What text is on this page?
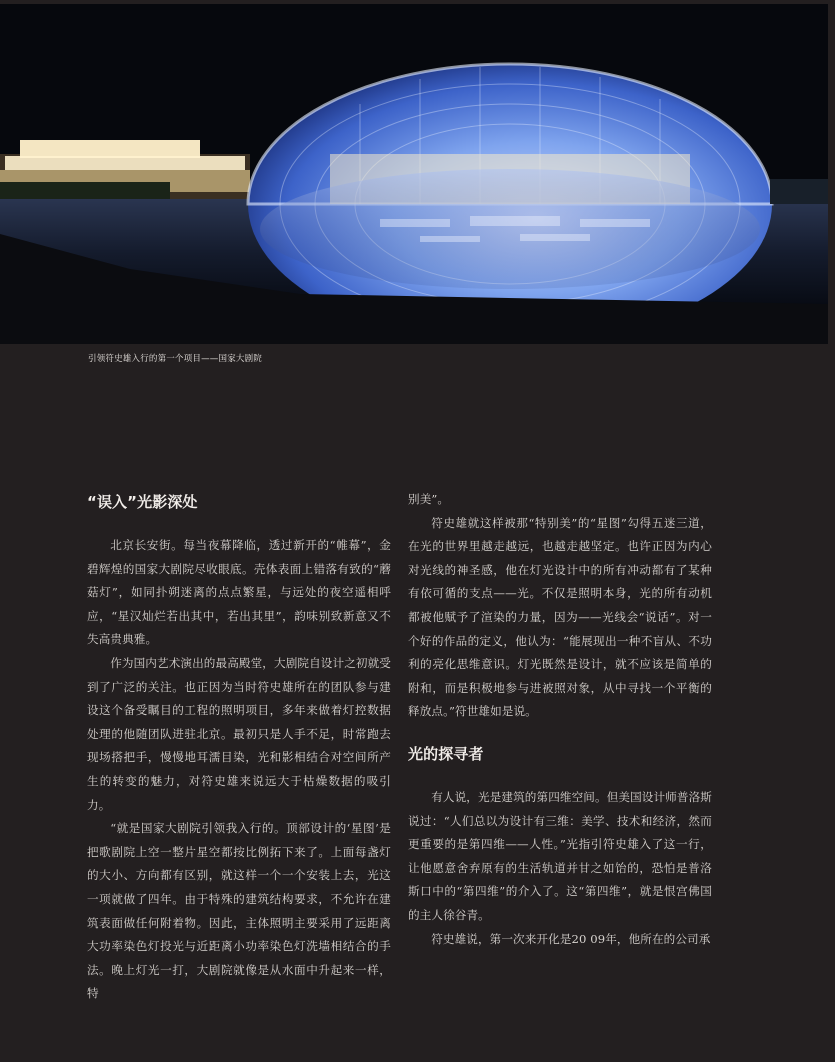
引领符史雄入行的第一个项目——国家大剧院
“误入”光影深处

北京长安街。每当夜幕降临，透过新开的“帷幕”，金碧辉煌的国家大剧院尽收眼底。壳体表面上错落有致的“蘑菇灯”，如同扑朔迷离的点点繁星，与远处的夜空遥相呼应，“星汉灿烂若出其中，若出其里”，韵味别致新意又不失高贵典雅。

作为国内艺术演出的最高殿堂，大剧院自设计之初就受到了广泛的关注。也正因为当时符史雄所在的团队参与建设这个备受瞩目的工程的照明项目，多年来做着灯控数据处理的他随团队进驻北京。最初只是人手不足，时常跑去现场搭把手，慢慢地耳濡目染，光和影相结合对空间所产生的转变的魅力，对符史雄来说远大于枯燥数据的吸引力。

“就是国家大剧院引领我入行的。顶部设计的‘星图’是把歌剧院上空一整片星空都按比例拓下来了。上面每盏灯的大小、方向都有区别，就这样一个一个安装上去，光这一项就做了四年。由于特殊的建筑结构要求，不允许在建筑表面做任何附着物。因此，主体照明主要采用了远距离大功率染色灯投光与近距离小功率染色灯洗墙相结合的手法。晚上灯光一打，大剧院就像是从水面中升起来一样，特

别美”。

符史雄就这样被那“特别美”的“星图”勾得五迷三道，在光的世界里越走越远，也越走越坚定。也许正因为内心对光线的神圣感，他在灯光设计中的所有冲动都有了某种有依可循的支点——光。不仅是照明本身，光的所有动机都被他赋予了渲染的力量，因为——光线会“说话”。对一个好的作品的定义，他认为：“能展现出一种不盲从、不功利的亮化思维意识。灯光既然是设计，就不应该是简单的附和，而是积极地参与进被照对象，从中寻找一个平衡的释放点。”符世雄如是说。

光的探寻者

有人说，光是建筑的第四维空间。但美国设计师普洛斯说过：“人们总以为设计有三维：美学、技术和经济，然而更重要的是第四维——人性。”光指引符史雄入了这一行，让他愿意舍弃原有的生活轨道并甘之如饴的，恐怕是普洛斯口中的“第四维”的介入了。这“第四维”，就是恨宫佛国的主人徐谷青。

符史雄说，第一次来开化是20 09年，他所在的公司承
